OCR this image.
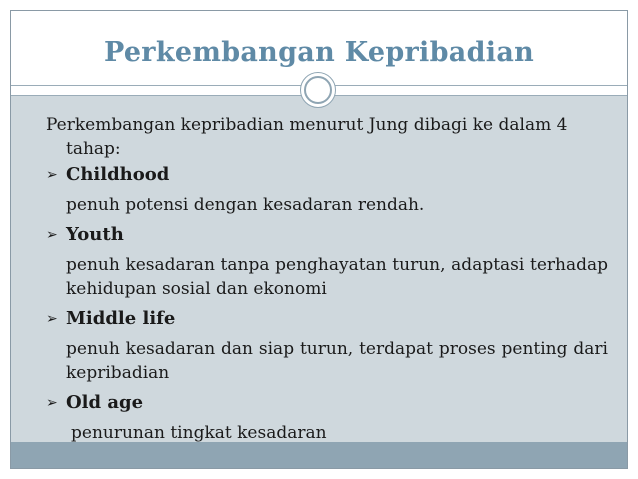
Perkembangan Kepribadian
Perkembangan kepribadian menurut Jung dibagi ke dalam 4
tahap:
➢ Childhood
penuh potensi dengan kesadaran rendah.
➢ Youth
penuh kesadaran tanpa penghayatan turun, adaptasi terhadap kehidupan sosial dan ekonomi
➢ Middle life
penuh kesadaran dan siap turun, terdapat proses penting dari kepribadian
➢ Old age
penurunan tingkat kesadaran
